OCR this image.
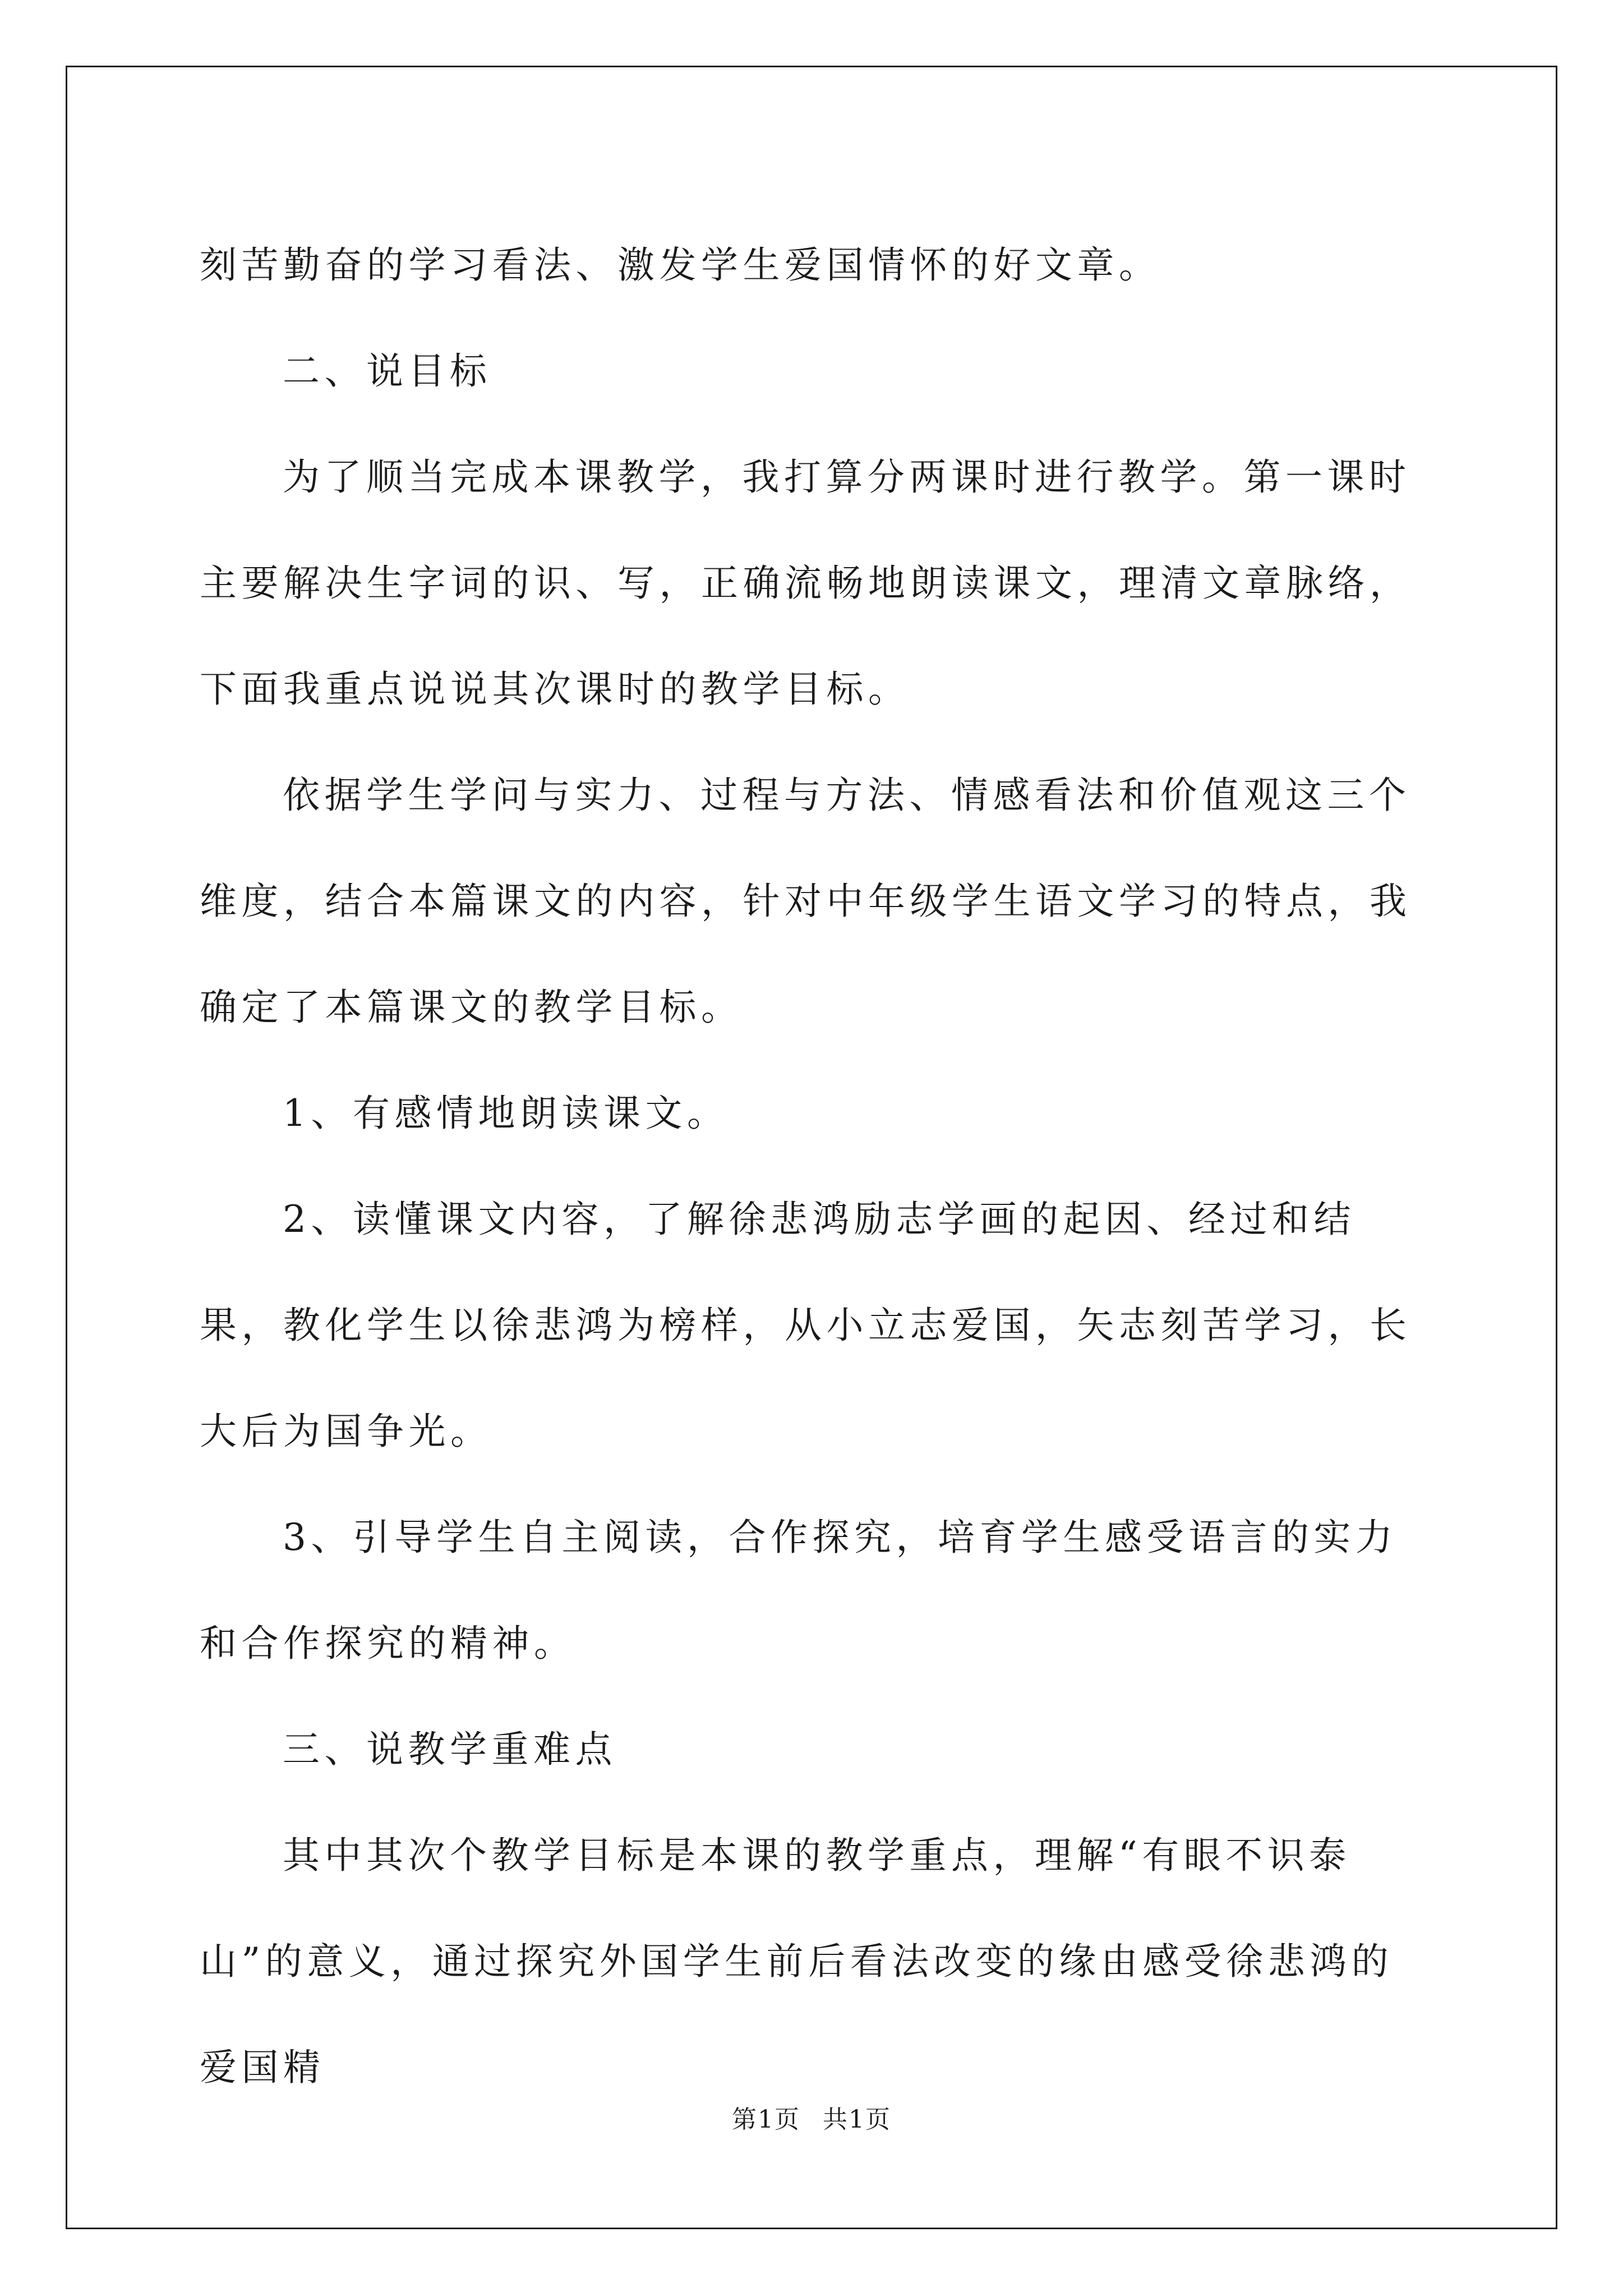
刻苦勤奋的学习看法、激发学生爱国情怀的好文章。

二、说目标

为了顺当完成本课教学，我打算分两课时进行教学。第一课时主要解决生字词的识、写，正确流畅地朗读课文，理清文章脉络，下面我重点说说其次课时的教学目标。

依据学生学问与实力、过程与方法、情感看法和价值观这三个维度，结合本篇课文的内容，针对中年级学生语文学习的特点，我确定了本篇课文的教学目标。

1、有感情地朗读课文。

2、读懂课文内容，了解徐悲鸿励志学画的起因、经过和结果，教化学生以徐悲鸿为榜样，从小立志爱国，矢志刻苦学习，长大后为国争光。

3、引导学生自主阅读，合作探究，培育学生感受语言的实力和合作探究的精神。

三、说教学重难点

其中其次个教学目标是本课的教学重点，理解“有眼不识泰山”的意义，通过探究外国学生前后看法改变的缘由感受徐悲鸿的爱国精

第1页 共1页
